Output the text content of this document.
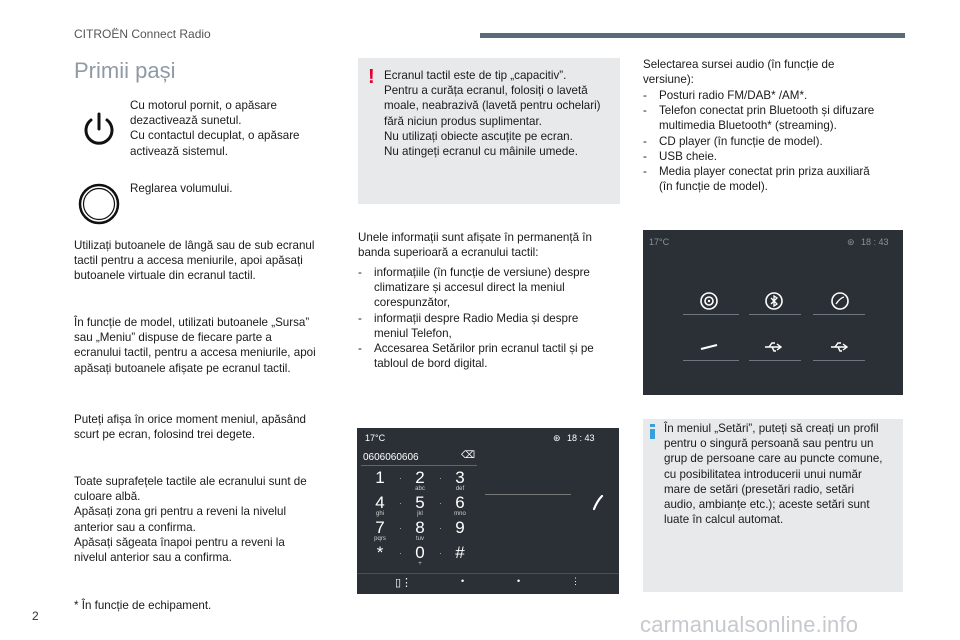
CITROËN Connect Radio
Primii pași
Cu motorul pornit, o apăsare
dezactivează sunetul.
Cu contactul decuplat, o apăsare
activează sistemul.
Reglarea volumului.
Utilizați butoanele de lângă sau de sub ecranul
tactil pentru a accesa meniurile, apoi apăsați
butoanele virtuale din ecranul tactil.
În funcție de model, utilizati butoanele „Sursa”
sau „Meniu” dispuse de fiecare parte a
ecranului tactil, pentru a accesa meniurile, apoi
apăsați butoanele afișate pe ecranul tactil.
Puteți afișa în orice moment meniul, apăsând
scurt pe ecran, folosind trei degete.
Toate suprafețele tactile ale ecranului sunt de
culoare albă.
Apăsați zona gri pentru a reveni la nivelul
anterior sau a confirma.
Apăsați săgeata înapoi pentru a reveni la
nivelul anterior sau a confirma.
* În funcție de echipament.
! Ecranul tactil este de tip „capacitiv”.
Pentru a curăța ecranul, folosiți o lavetă
moale, neabrazivă (lavetă pentru ochelari)
fără niciun produs suplimentar.
Nu utilizați obiecte ascuțite pe ecran.
Nu atingeți ecranul cu mâinile umede.
Unele informații sunt afișate în permanență în
banda superioară a ecranului tactil:
- informațiile (în funcție de versiune) despre
climatizare și accesul direct la meniul
corespunzător,
- informații despre Radio Media și despre
meniul Telefon,
- Accesarea Setărilor prin ecranul tactil și pe
tabloul de bord digital.
17°C	⊛ 18 : 43
0606060606	⌫
1	· 2
abc
· 3
def
4
ghi
· 5
jkl
· 6
mno
7
pqrs
· 8
tuv
· 9
*	· 0
+
· #
▯⋮	•	•	⋮
Selectarea sursei audio (în funcție de
versiune):
- Posturi radio FM/DAB* /AM*.
- Telefon conectat prin Bluetooth și difuzare
multimedia Bluetooth* (streaming).
- CD player (în funcție de model).
- USB cheie.
- Media player conectat prin priza auxiliară
(în funcție de model).
17°C	⊛ 18 : 43
În meniul „Setări”, puteți să creați un profil
pentru o singură persoană sau pentru un
grup de persoane care au puncte comune,
cu posibilitatea introducerii unui număr
mare de setări (presetări radio, setări
audio, ambianțe etc.); aceste setări sunt
luate în calcul automat.
2	carmanualsonline.info
